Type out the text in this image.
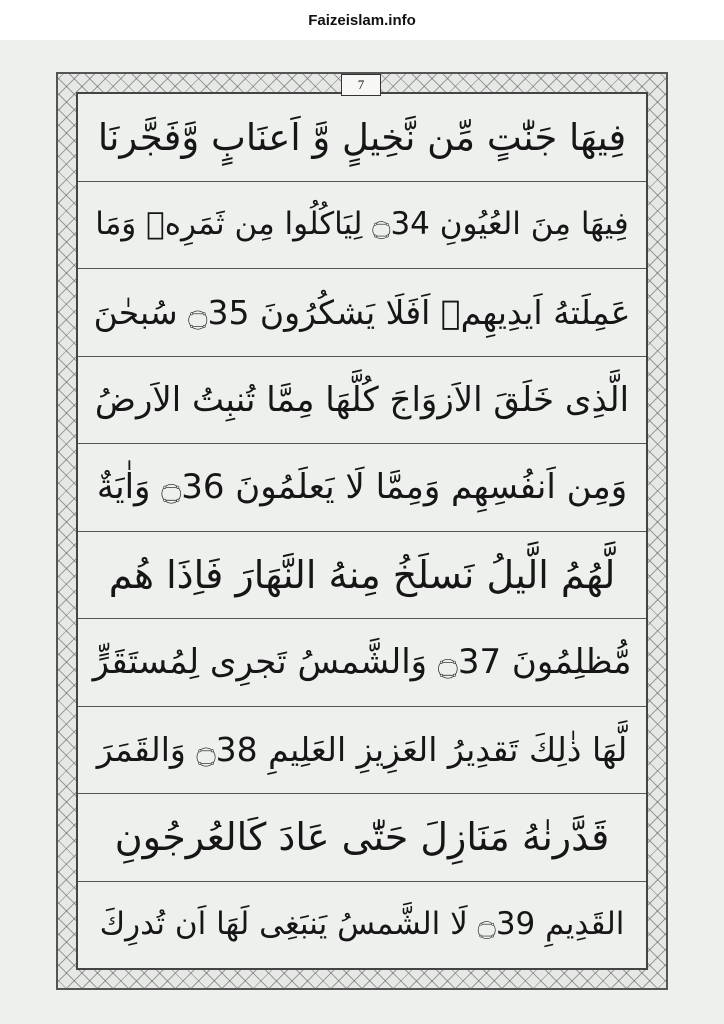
Faizeislam.info
7
فِيهَا جَنّٰتٍ مِّن نَّخِيلٍ وَّ اَعنَابٍ وَّفَجَّرنَا
فِيهَا مِنَ العُيُونِ ۝34 لِيَاكُلُوا مِن ثَمَرِهٖ وَمَا
عَمِلَتهُ اَيدِيهِمۡ اَفَلَا يَشكُرُونَ ۝35 سُبحٰنَ
الَّذِى خَلَقَ الاَزوَاجَ كُلَّهَا مِمَّا تُنبِتُ الاَرضُ
وَمِن اَنفُسِهِم وَمِمَّا لَا يَعلَمُونَ ۝36 وَاٰيَةٌ
لَّهُمُ الَّيلُ نَسلَخُ مِنهُ النَّهَارَ فَاِذَا هُم
مُّظلِمُونَ ۝37 وَالشَّمسُ تَجرِى لِمُستَقَرٍّ
لَّهَا ذٰلِكَ تَقدِيرُ العَزِيزِ العَلِيمِ ۝38 وَالقَمَرَ
قَدَّرنٰهُ مَنَازِلَ حَتّٰى عَادَ كَالعُرجُونِ
القَدِيمِ ۝39 لَا الشَّمسُ يَنبَغِى لَهَا اَن تُدرِكَ
